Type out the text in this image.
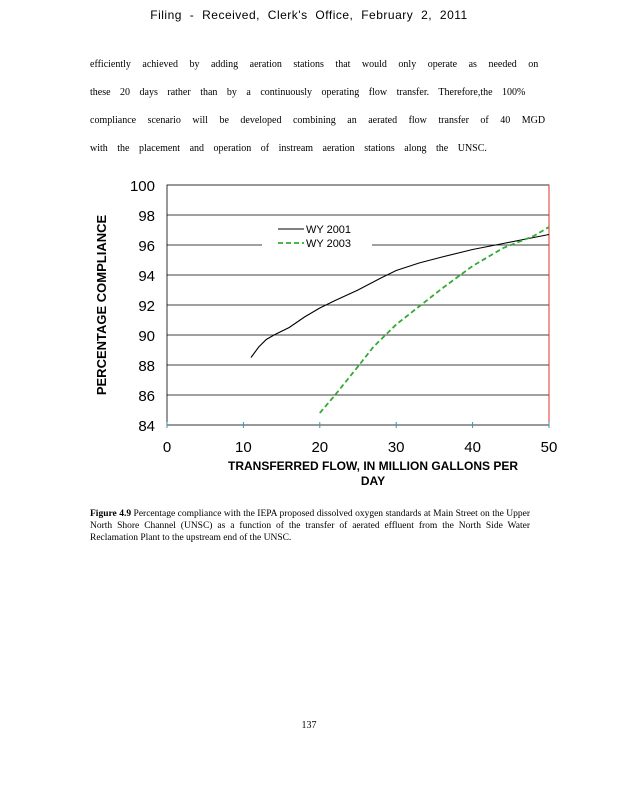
Filing - Received, Clerk's Office, February 2, 2011
efficiently achieved by adding aeration stations that would only operate as needed on
these 20 days rather than by a continuously operating flow transfer. Therefore,the 100%
compliance scenario will be developed combining an aerated flow transfer of 40 MGD
with the placement and operation of instream aeration stations along the UNSC.
84
86
88
90
92
94
96
98
100
0	10	20	30	40	50
WY 2001
WY 2003
PERCENTAGE COMPLIANCE
TRANSFERRED FLOW, IN MILLION GALLONS PER
DAY
Figure 4.9 Percentage compliance with the IEPA proposed dissolved oxygen standards at Main Street on the Upper North Shore Channel (UNSC) as a function of the transfer of aerated effluent from the North Side Water Reclamation Plant to the upstream end of the UNSC.
137
